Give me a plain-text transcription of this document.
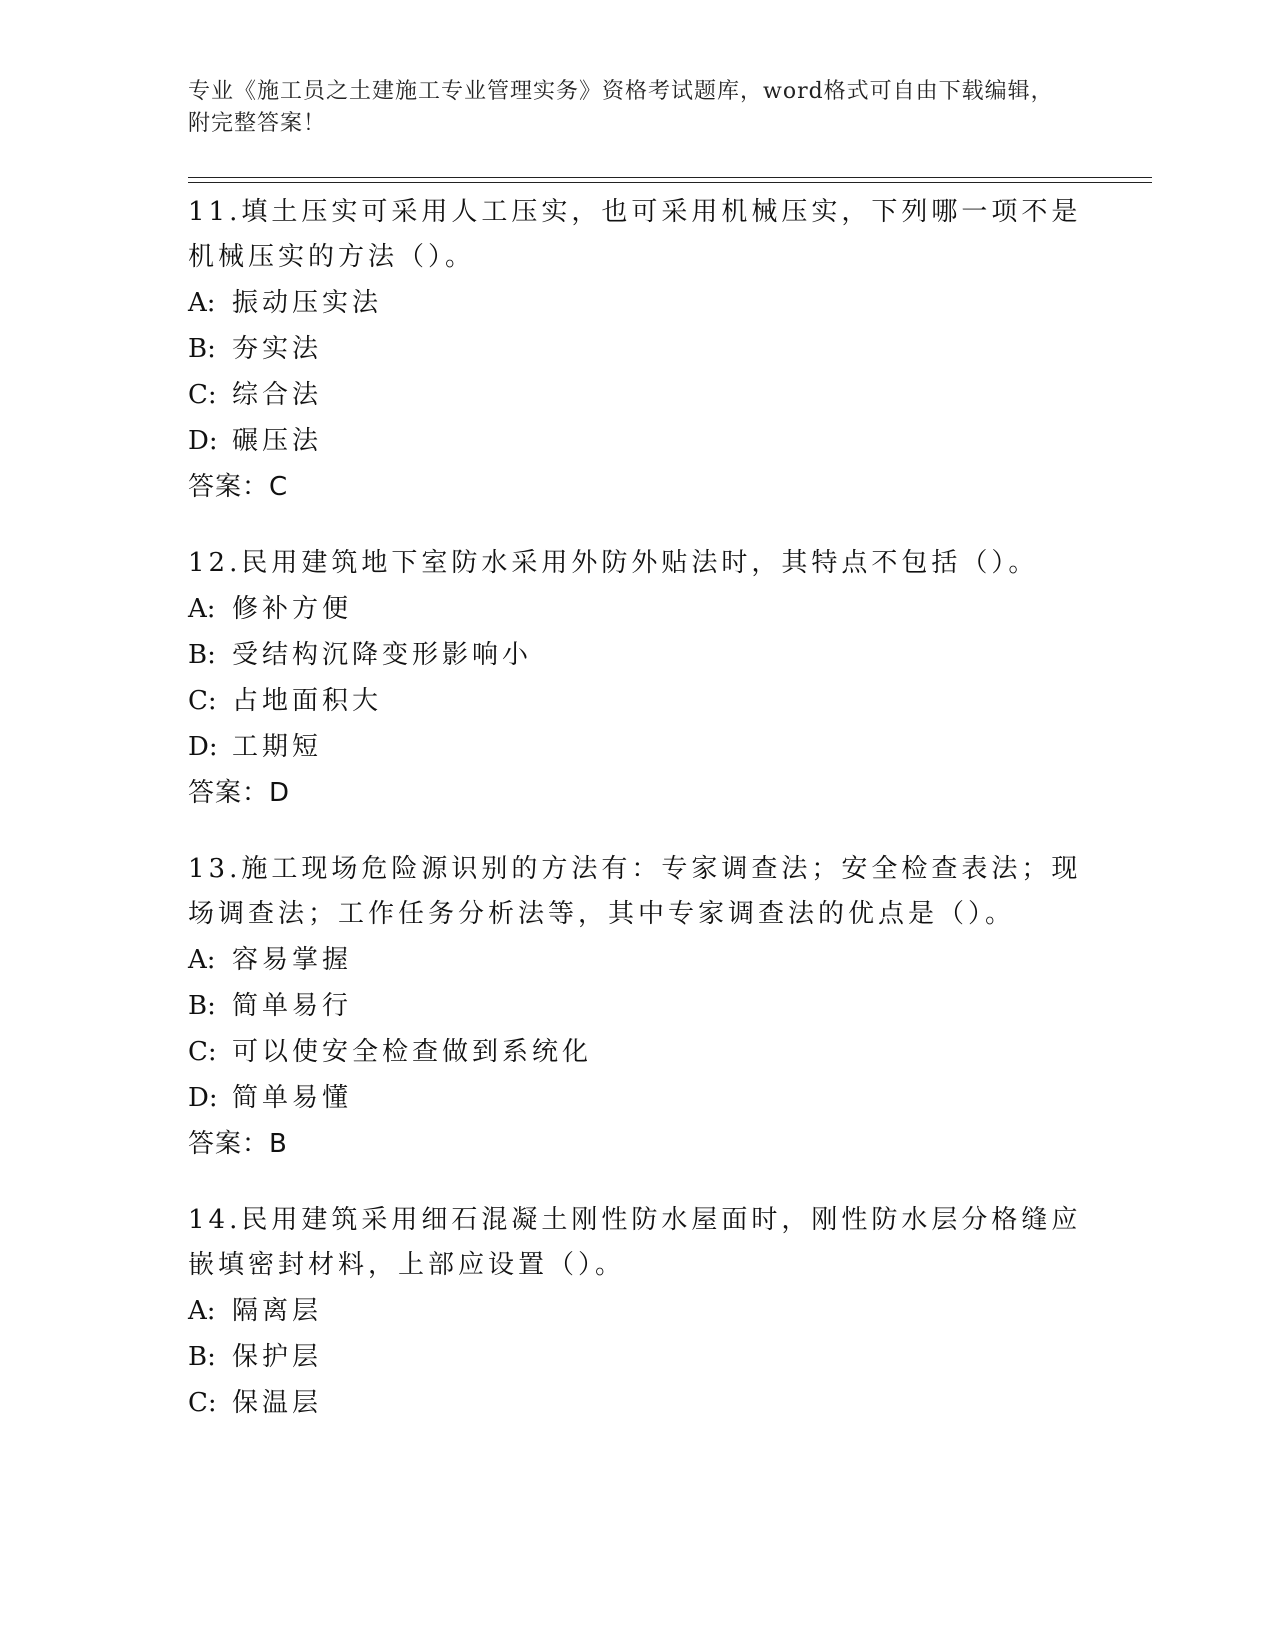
专业《施工员之土建施工专业管理实务》资格考试题库，word格式可自由下载编辑，附完整答案！

11.填土压实可采用人工压实，也可采用机械压实，下列哪一项不是机械压实的方法（）。

A: 振动压实法

B: 夯实法

C: 综合法

D: 碾压法

答案：C

12.民用建筑地下室防水采用外防外贴法时，其特点不包括（）。

A: 修补方便

B: 受结构沉降变形影响小

C: 占地面积大

D: 工期短

答案：D

13.施工现场危险源识别的方法有：专家调查法；安全检查表法；现场调查法；工作任务分析法等，其中专家调查法的优点是（）。

A: 容易掌握

B: 简单易行

C: 可以使安全检查做到系统化

D: 简单易懂

答案：B

14.民用建筑采用细石混凝土刚性防水屋面时，刚性防水层分格缝应嵌填密封材料，上部应设置（）。

A: 隔离层

B: 保护层

C: 保温层
